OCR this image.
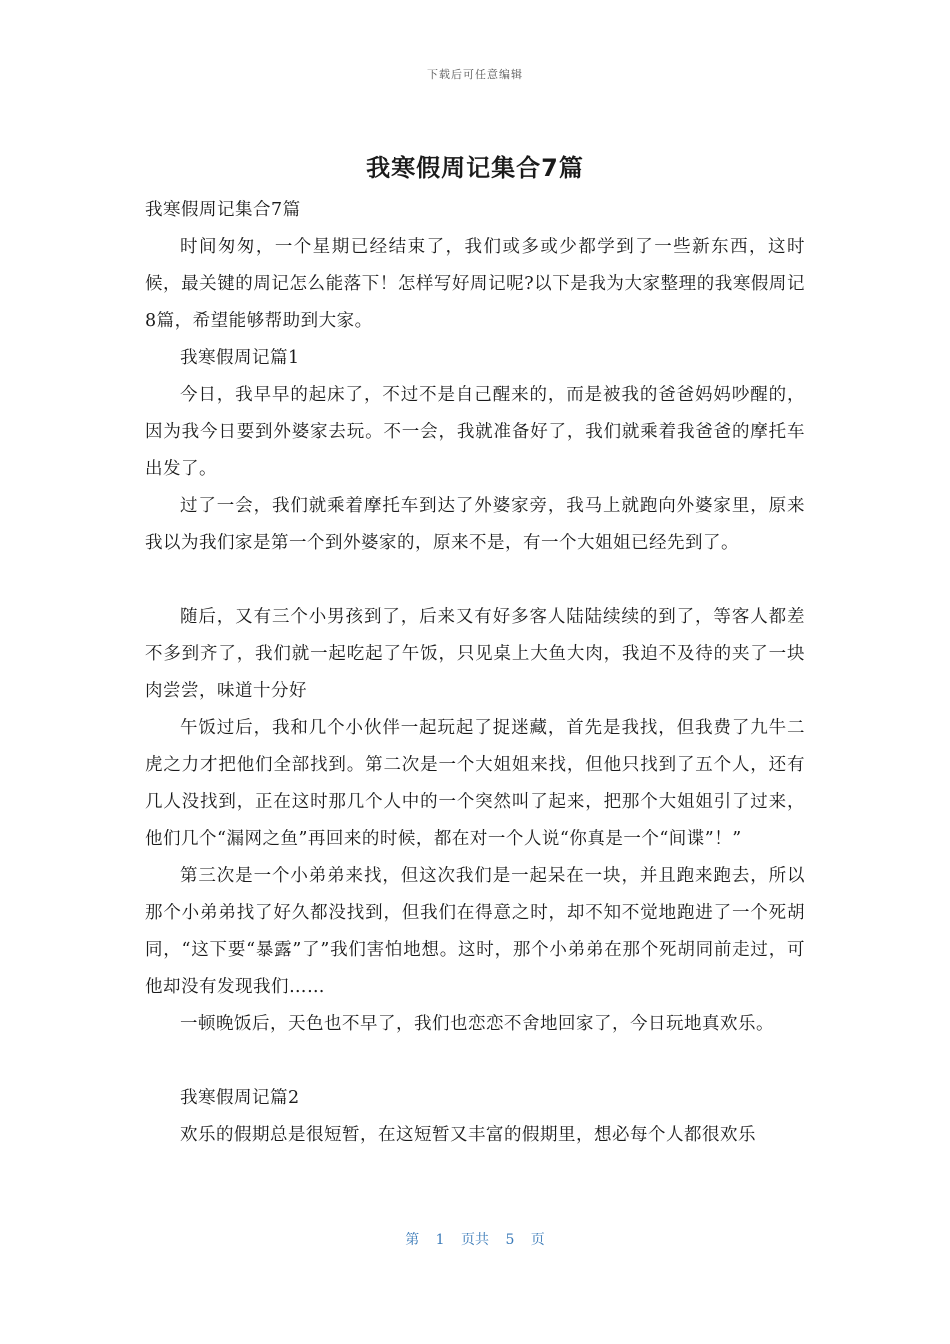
下载后可任意编辑
我寒假周记集合7篇

我寒假周记集合7篇

时间匆匆，一个星期已经结束了，我们或多或少都学到了一些新东西，这时候，最关键的周记怎么能落下！怎样写好周记呢?以下是我为大家整理的我寒假周记8篇，希望能够帮助到大家。

我寒假周记篇1

今日，我早早的起床了，不过不是自己醒来的，而是被我的爸爸妈妈吵醒的，因为我今日要到外婆家去玩。不一会，我就准备好了，我们就乘着我爸爸的摩托车出发了。

过了一会，我们就乘着摩托车到达了外婆家旁，我马上就跑向外婆家里，原来我以为我们家是第一个到外婆家的，原来不是，有一个大姐姐已经先到了。

随后，又有三个小男孩到了，后来又有好多客人陆陆续续的到了，等客人都差不多到齐了，我们就一起吃起了午饭，只见桌上大鱼大肉，我迫不及待的夹了一块肉尝尝，味道十分好

午饭过后，我和几个小伙伴一起玩起了捉迷藏，首先是我找，但我费了九牛二虎之力才把他们全部找到。第二次是一个大姐姐来找，但他只找到了五个人，还有几人没找到，正在这时那几个人中的一个突然叫了起来，把那个大姐姐引了过来，他们几个“漏网之鱼”再回来的时候，都在对一个人说“你真是一个“间谍”！”

第三次是一个小弟弟来找，但这次我们是一起呆在一块，并且跑来跑去，所以那个小弟弟找了好久都没找到，但我们在得意之时，却不知不觉地跑进了一个死胡同，“这下要“暴露”了”我们害怕地想。这时，那个小弟弟在那个死胡同前走过，可他却没有发现我们……

一顿晚饭后，天色也不早了，我们也恋恋不舍地回家了，今日玩地真欢乐。

我寒假周记篇2

欢乐的假期总是很短暂，在这短暂又丰富的假期里，想必每个人都很欢乐

第 1 页共 5 页
